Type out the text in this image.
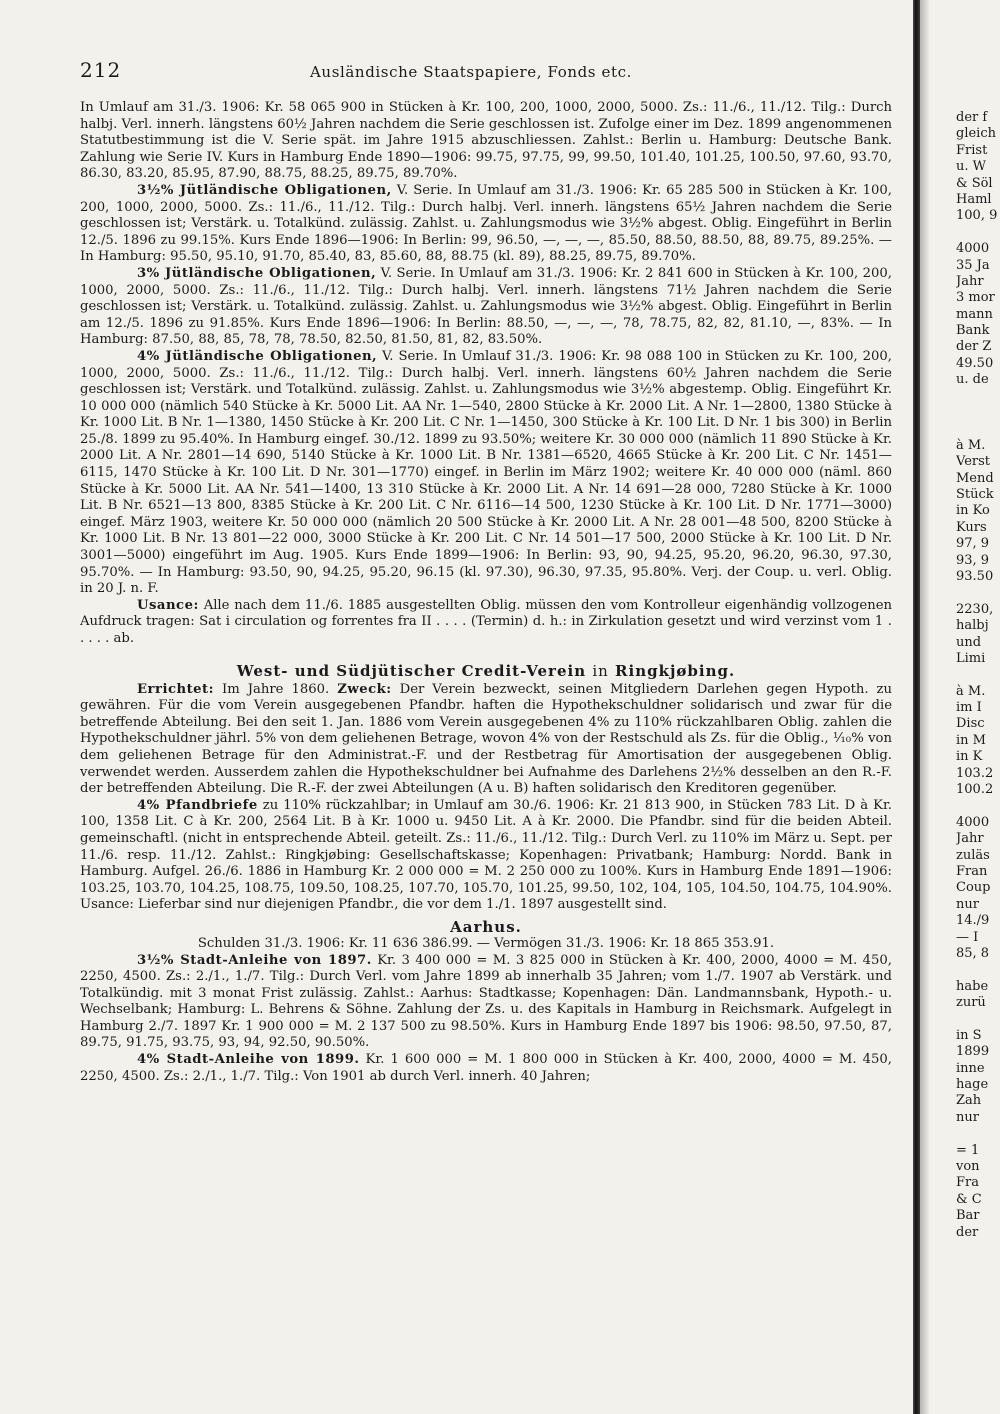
212	Ausländische Staatspapiere, Fonds etc.

In Umlauf am 31./3. 1906: Kr. 58 065 900 in Stücken à Kr. 100, 200, 1000, 2000, 5000. Zs.: 11./6., 11./12. Tilg.: Durch halbj. Verl. innerh. längstens 60½ Jahren nachdem die Serie geschlossen ist. Zufolge einer im Dez. 1899 angenommenen Statutbestimmung ist die V. Serie spät. im Jahre 1915 abzuschliessen. Zahlst.: Berlin u. Hamburg: Deutsche Bank. Zahlung wie Serie IV. Kurs in Hamburg Ende 1890—1906: 99.75, 97.75, 99, 99.50, 101.40, 101.25, 100.50, 97.60, 93.70, 86.30, 83.20, 85.95, 87.90, 88.75, 88.25, 89.75, 89.70%.

3½% Jütländische Obligationen, V. Serie. In Umlauf am 31./3. 1906: Kr. 65 285 500 in Stücken à Kr. 100, 200, 1000, 2000, 5000. Zs.: 11./6., 11./12. Tilg.: Durch halbj. Verl. innerh. längstens 65½ Jahren nachdem die Serie geschlossen ist; Verstärk. u. Totalkünd. zulässig. Zahlst. u. Zahlungsmodus wie 3½% abgest. Oblig. Eingeführt in Berlin 12./5. 1896 zu 99.15%. Kurs Ende 1896—1906: In Berlin: 99, 96.50, —, —, —, 85.50, 88.50, 88.50, 88, 89.75, 89.25%. — In Hamburg: 95.50, 95.10, 91.70, 85.40, 83, 85.60, 88, 88.75 (kl. 89), 88.25, 89.75, 89.70%.

3% Jütländische Obligationen, V. Serie. In Umlauf am 31./3. 1906: Kr. 2 841 600 in Stücken à Kr. 100, 200, 1000, 2000, 5000. Zs.: 11./6., 11./12. Tilg.: Durch halbj. Verl. innerh. längstens 71½ Jahren nachdem die Serie geschlossen ist; Verstärk. u. Totalkünd. zulässig. Zahlst. u. Zahlungsmodus wie 3½% abgest. Oblig. Eingeführt in Berlin am 12./5. 1896 zu 91.85%. Kurs Ende 1896—1906: In Berlin: 88.50, —, —, —, 78, 78.75, 82, 82, 81.10, —, 83%. — In Hamburg: 87.50, 88, 85, 78, 78, 78.50, 82.50, 81.50, 81, 82, 83.50%.

4% Jütländische Obligationen, V. Serie. In Umlauf 31./3. 1906: Kr. 98 088 100 in Stücken zu Kr. 100, 200, 1000, 2000, 5000. Zs.: 11./6., 11./12. Tilg.: Durch halbj. Verl. innerh. längstens 60½ Jahren nachdem die Serie geschlossen ist; Verstärk. und Totalkünd. zulässig. Zahlst. u. Zahlungsmodus wie 3½% abgestemp. Oblig. Eingeführt Kr. 10 000 000 (nämlich 540 Stücke à Kr. 5000 Lit. AA Nr. 1—540, 2800 Stücke à Kr. 2000 Lit. A Nr. 1—2800, 1380 Stücke à Kr. 1000 Lit. B Nr. 1—1380, 1450 Stücke à Kr. 200 Lit. C Nr. 1—1450, 300 Stücke à Kr. 100 Lit. D Nr. 1 bis 300) in Berlin 25./8. 1899 zu 95.40%. In Hamburg eingef. 30./12. 1899 zu 93.50%; weitere Kr. 30 000 000 (nämlich 11 890 Stücke à Kr. 2000 Lit. A Nr. 2801—14 690, 5140 Stücke à Kr. 1000 Lit. B Nr. 1381—6520, 4665 Stücke à Kr. 200 Lit. C Nr. 1451—6115, 1470 Stücke à Kr. 100 Lit. D Nr. 301—1770) eingef. in Berlin im März 1902; weitere Kr. 40 000 000 (näml. 860 Stücke à Kr. 5000 Lit. AA Nr. 541—1400, 13 310 Stücke à Kr. 2000 Lit. A Nr. 14 691—28 000, 7280 Stücke à Kr. 1000 Lit. B Nr. 6521—13 800, 8385 Stücke à Kr. 200 Lit. C Nr. 6116—14 500, 1230 Stücke à Kr. 100 Lit. D Nr. 1771—3000) eingef. März 1903, weitere Kr. 50 000 000 (nämlich 20 500 Stücke à Kr. 2000 Lit. A Nr. 28 001—48 500, 8200 Stücke à Kr. 1000 Lit. B Nr. 13 801—22 000, 3000 Stücke à Kr. 200 Lit. C Nr. 14 501—17 500, 2000 Stücke à Kr. 100 Lit. D Nr. 3001—5000) eingeführt im Aug. 1905. Kurs Ende 1899—1906: In Berlin: 93, 90, 94.25, 95.20, 96.20, 96.30, 97.30, 95.70%. — In Hamburg: 93.50, 90, 94.25, 95.20, 96.15 (kl. 97.30), 96.30, 97.35, 95.80%. Verj. der Coup. u. verl. Oblig. in 20 J. n. F.

Usance: Alle nach dem 11./6. 1885 ausgestellten Oblig. müssen den vom Kontrolleur eigenhändig vollzogenen Aufdruck tragen: Sat i circulation og forrentes fra II . . . . (Termin) d. h.: in Zirkulation gesetzt und wird verzinst vom 1 . . . . . ab.

West- und Südjütischer Credit-Verein in Ringkjøbing.

Errichtet: Im Jahre 1860. Zweck: Der Verein bezweckt, seinen Mitgliedern Darlehen gegen Hypoth. zu gewähren. Für die vom Verein ausgegebenen Pfandbr. haften die Hypothekschuldner solidarisch und zwar für die betreffende Abteilung. Bei den seit 1. Jan. 1886 vom Verein ausgegebenen 4% zu 110% rückzahlbaren Oblig. zahlen die Hypothekschuldner jährl. 5% von dem geliehenen Betrage, wovon 4% von der Restschuld als Zs. für die Oblig., ⅒% von dem geliehenen Betrage für den Administrat.-F. und der Restbetrag für Amortisation der ausgegebenen Oblig. verwendet werden. Ausserdem zahlen die Hypothekschuldner bei Aufnahme des Darlehens 2½% desselben an den R.-F. der betreffenden Abteilung. Die R.-F. der zwei Abteilungen (A u. B) haften solidarisch den Kreditoren gegenüber.

4% Pfandbriefe zu 110% rückzahlbar; in Umlauf am 30./6. 1906: Kr. 21 813 900, in Stücken 783 Lit. D à Kr. 100, 1358 Lit. C à Kr. 200, 2564 Lit. B à Kr. 1000 u. 9450 Lit. A à Kr. 2000. Die Pfandbr. sind für die beiden Abteil. gemeinschaftl. (nicht in entsprechende Abteil. geteilt. Zs.: 11./6., 11./12. Tilg.: Durch Verl. zu 110% im März u. Sept. per 11./6. resp. 11./12. Zahlst.: Ringkjøbing: Gesellschaftskasse; Kopenhagen: Privatbank; Hamburg: Nordd. Bank in Hamburg. Aufgel. 26./6. 1886 in Hamburg Kr. 2 000 000 = M. 2 250 000 zu 100%. Kurs in Hamburg Ende 1891—1906: 103.25, 103.70, 104.25, 108.75, 109.50, 108.25, 107.70, 105.70, 101.25, 99.50, 102, 104, 105, 104.50, 104.75, 104.90%. Usance: Lieferbar sind nur diejenigen Pfandbr., die vor dem 1./1. 1897 ausgestellt sind.

Aarhus.

Schulden 31./3. 1906: Kr. 11 636 386.99. — Vermögen 31./3. 1906: Kr. 18 865 353.91.

3½% Stadt-Anleihe von 1897. Kr. 3 400 000 = M. 3 825 000 in Stücken à Kr. 400, 2000, 4000 = M. 450, 2250, 4500. Zs.: 2./1., 1./7. Tilg.: Durch Verl. vom Jahre 1899 ab innerhalb 35 Jahren; vom 1./7. 1907 ab Verstärk. und Totalkündig. mit 3 monat Frist zulässig. Zahlst.: Aarhus: Stadtkasse; Kopenhagen: Dän. Landmannsbank, Hypoth.- u. Wechselbank; Hamburg: L. Behrens & Söhne. Zahlung der Zs. u. des Kapitals in Hamburg in Reichsmark. Aufgelegt in Hamburg 2./7. 1897 Kr. 1 900 000 = M. 2 137 500 zu 98.50%. Kurs in Hamburg Ende 1897 bis 1906: 98.50, 97.50, 87, 89.75, 91.75, 93.75, 93, 94, 92.50, 90.50%.

4% Stadt-Anleihe von 1899. Kr. 1 600 000 = M. 1 800 000 in Stücken à Kr. 400, 2000, 4000 = M. 450, 2250, 4500. Zs.: 2./1., 1./7. Tilg.: Von 1901 ab durch Verl. innerh. 40 Jahren;

der f
gleich
Frist
u. W
& Söl
Haml
100, 9
4000
35 Ja
Jahr
3 mor
mann
Bank
der Z
49.50
u. de
à M.
Verst
Mend
Stück
in Ko
Kurs
97, 9
93, 9
93.50
2230,
halbj
und
Limi
à M.
im I
Disc
in M
in K
103.2
100.2
4000
Jahr
zuläs
Fran
Coup
nur
14./9
— I
85, 8
habe
zurü
in S
1899
inne
hage
Zah
nur
= 1
von
Fra
& C
Bar
der
